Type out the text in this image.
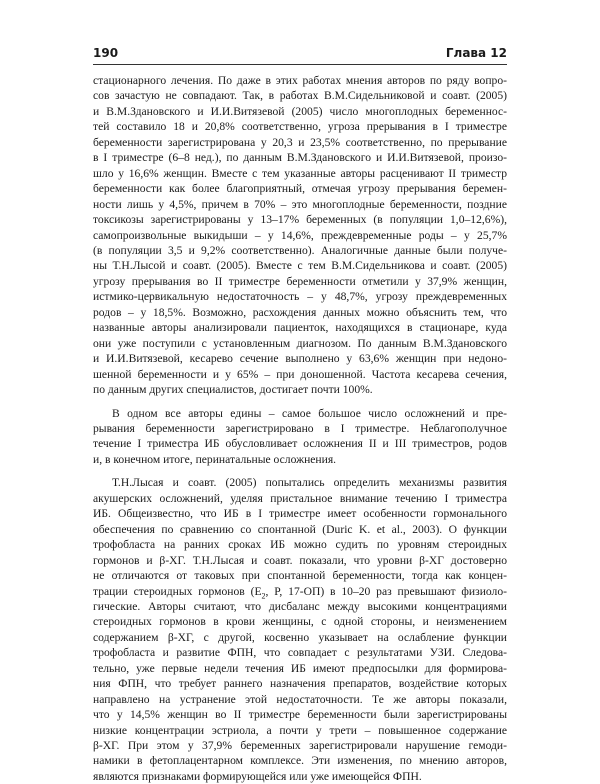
190	Глава 12

стационарного лечения. По даже в этих работах мнения авторов по ряду вопро-
сов зачастую не совпадают. Так, в работах В.М.Сидельниковой и соавт. (2005)
и В.М.Здановского и И.И.Витязевой (2005) число многоплодных беременнос-
тей составило 18 и 20,8% соответственно, угроза прерывания в I триместре
беременности зарегистрирована у 20,3 и 23,5% соответственно, по прерывание
в I триместре (6–8 нед.), по данным В.М.Здановского и И.И.Витязевой, произо-
шло у 16,6% женщин. Вместе с тем указанные авторы расценивают II триместр
беременности как более благоприятный, отмечая угрозу прерывания беремен-
ности лишь у 4,5%, причем в 70% – это многоплодные беременности, поздние
токсикозы зарегистрированы у 13–17% беременных (в популяции 1,0–12,6%),
самопроизвольные выкидыши – у 14,6%, преждевременные роды – у 25,7%
(в популяции 3,5 и 9,2% соответственно). Аналогичные данные были получе-
ны Т.Н.Лысой и соавт. (2005). Вместе с тем В.М.Сидельникова и соавт. (2005)
угрозу прерывания во II триместре беременности отметили у 37,9% женщин,
истмико-цервикальную недостаточность – у 48,7%, угрозу преждевременных
родов – у 18,5%. Возможно, расхождения данных можно объяснить тем, что
названные авторы анализировали пациенток, находящихся в стационаре, куда
они уже поступили с установленным диагнозом. По данным В.М.Здановского
и И.И.Витязевой, кесарево сечение выполнено у 63,6% женщин при недоно-
шенной беременности и у 65% – при доношенной. Частота кесарева сечения,
по данным других специалистов, достигает почти 100%.

В одном все авторы едины – самое большое число осложнений и пре-
рывания беременности зарегистрировано в I триместре. Неблагополучное
течение I триместра ИБ обусловливает осложнения II и III триместров, родов
и, в конечном итоге, перинатальные осложнения.

Т.Н.Лысая и соавт. (2005) попытались определить механизмы развития
акушерских осложнений, уделяя пристальное внимание течению I триместра
ИБ. Общеизвестно, что ИБ в I триместре имеет особенности гормонального
обеспечения по сравнению со спонтанной (Duric K. et al., 2003). О функции
трофобласта на ранних сроках ИБ можно судить по уровням стероидных
гормонов и β-ХГ. Т.Н.Лысая и соавт. показали, что уровни β-ХГ достоверно
не отличаются от таковых при спонтанной беременности, тогда как концен-
трации стероидных гормонов ($E_2$, P, 17-ОП) в 10–20 раз превышают физиоло-
гические. Авторы считают, что дисбаланс между высокими концентрациями
стероидных гормонов в крови женщины, с одной стороны, и неизменением
содержанием β-ХГ, с другой, косвенно указывает на ослабление функции
трофобласта и развитие ФПН, что совпадает с результатами УЗИ. Следова-
тельно, уже первые недели течения ИБ имеют предпосылки для формирова-
ния ФПН, что требует раннего назначения препаратов, воздействие которых
направлено на устранение этой недостаточности. Те же авторы показали,
что у 14,5% женщин во II триместре беременности были зарегистрированы
низкие концентрации эстриола, а почти у трети – повышенное содержание
β-ХГ. При этом у 37,9% беременных зарегистрировали нарушение гемоди-
намики в фетоплацентарном комплексе. Эти изменения, по мнению авторов,
являются признаками формирующейся или уже имеющейся ФПН.
